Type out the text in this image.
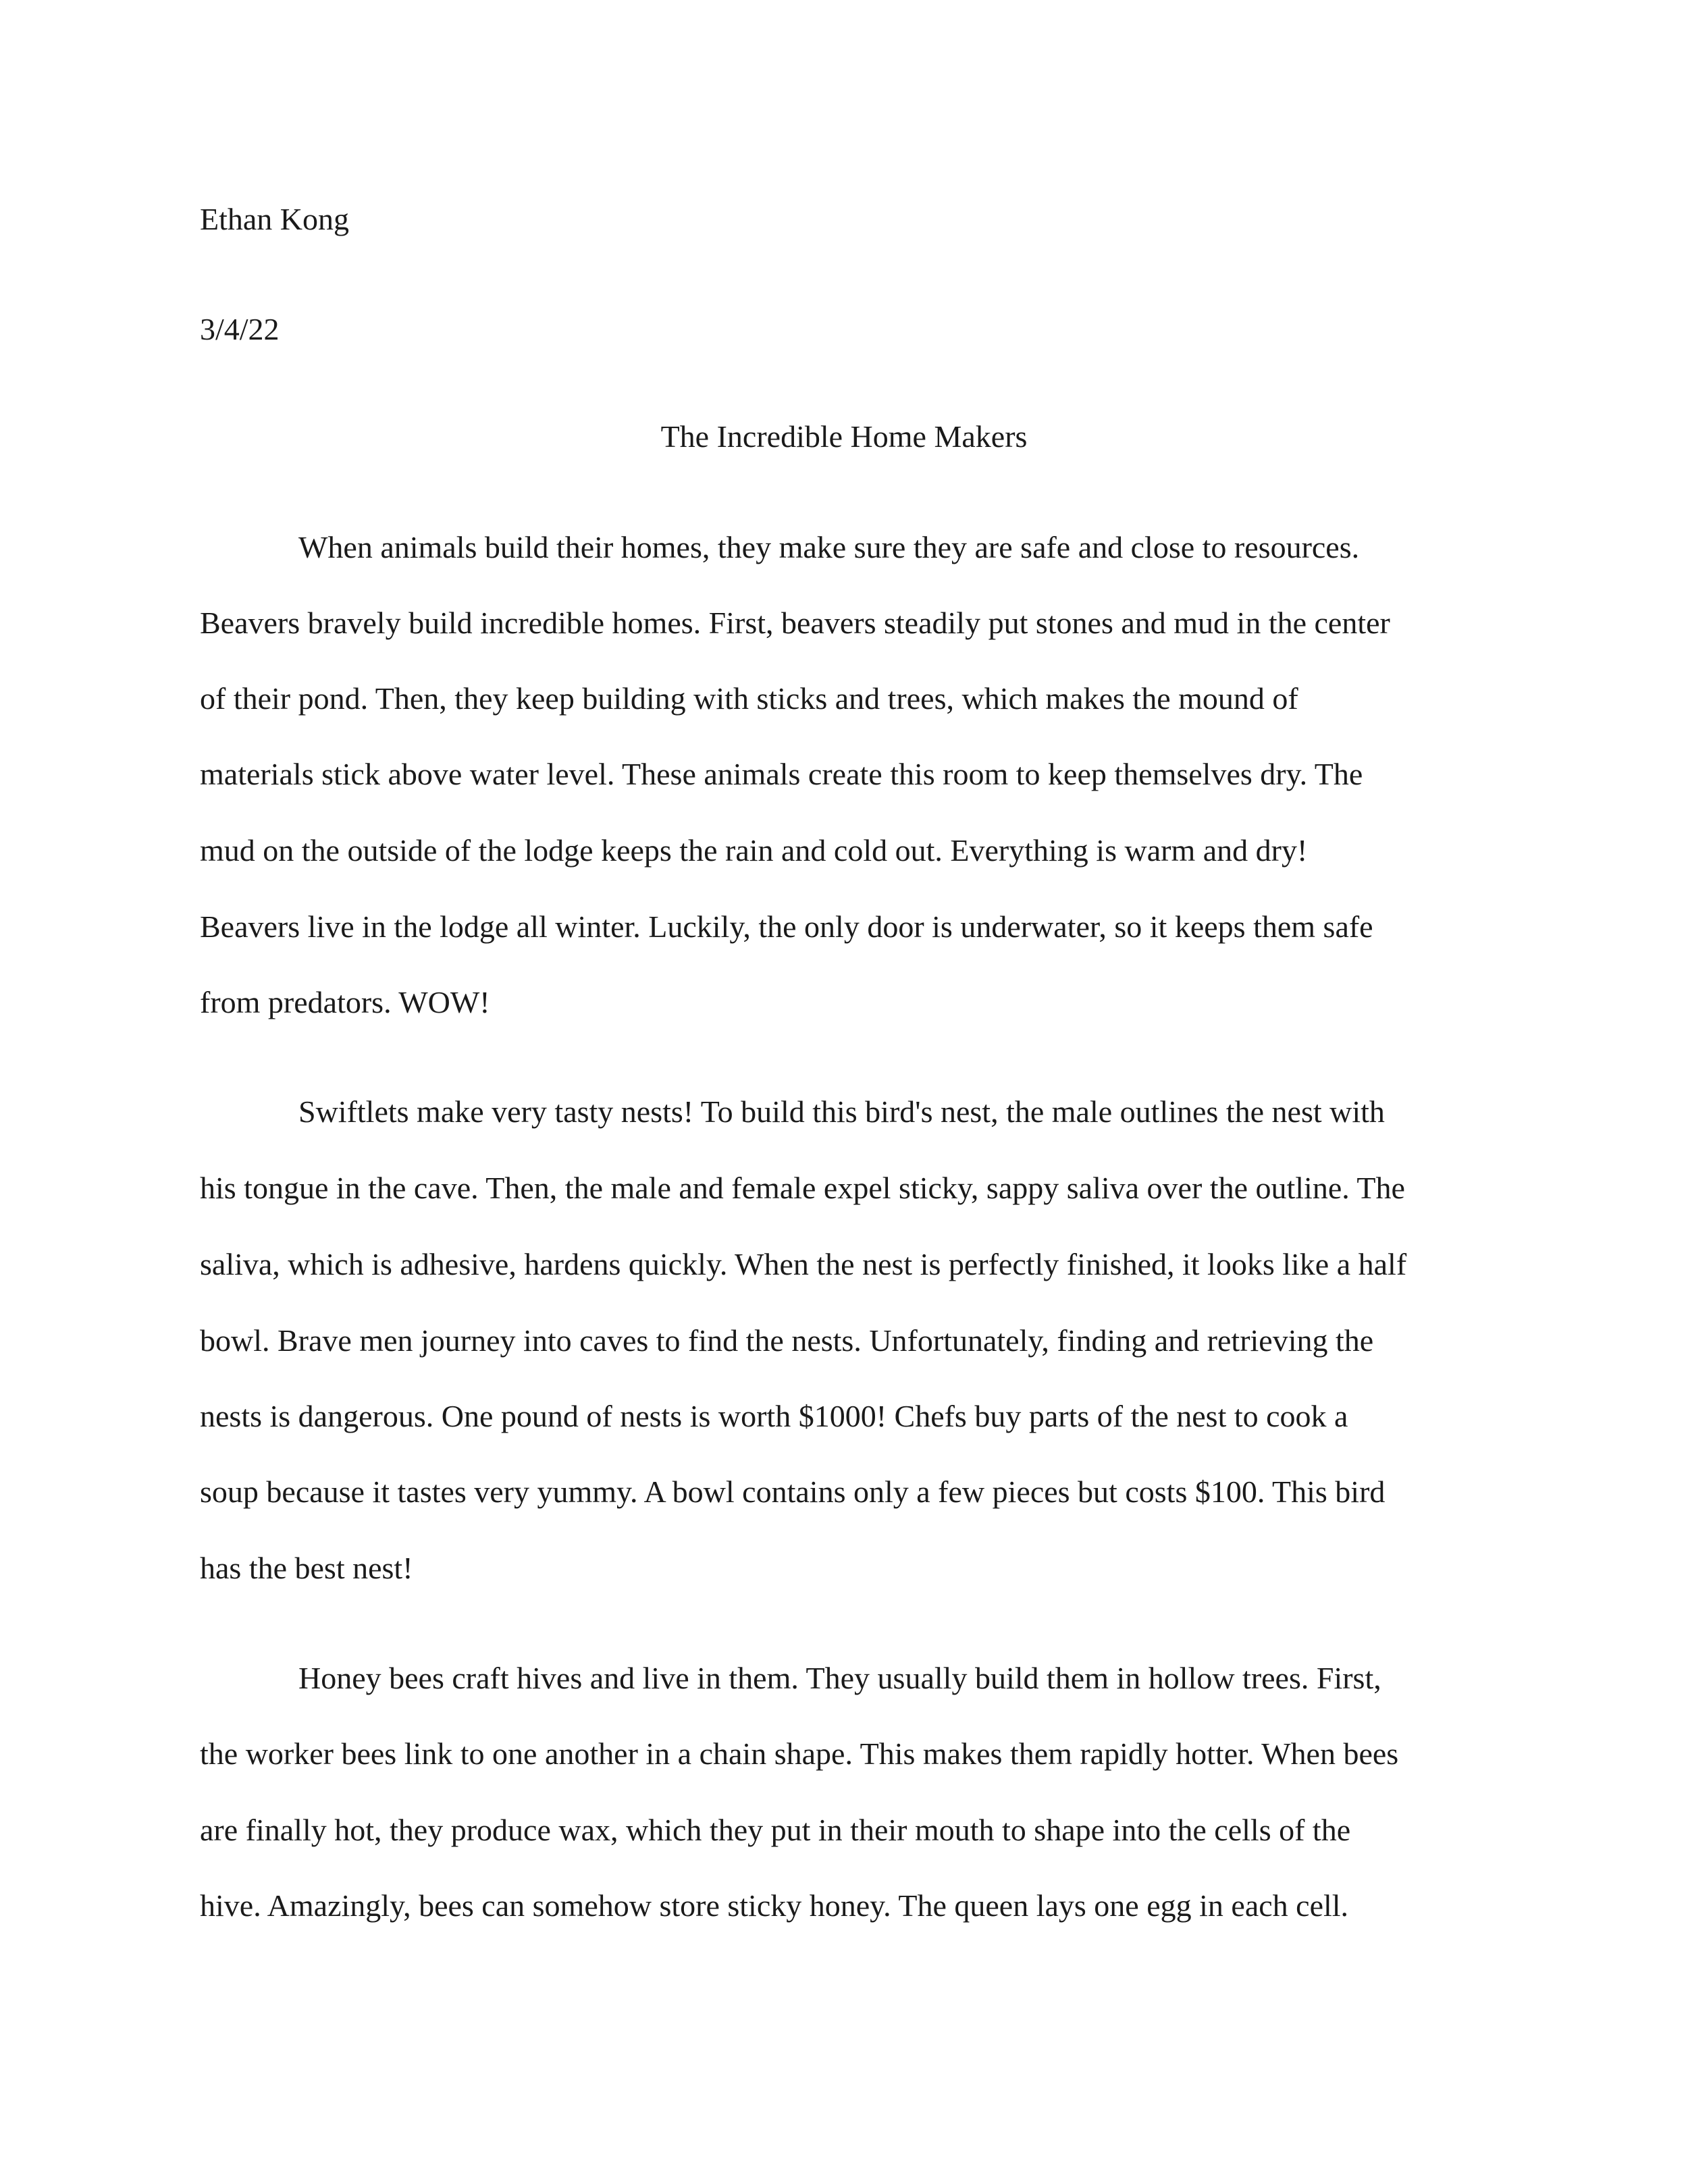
Ethan Kong
3/4/22
The Incredible Home Makers
When animals build their homes, they make sure they are safe and close to resources.
Beavers bravely build incredible homes. First, beavers steadily put stones and mud in the center
of their pond. Then, they keep building with sticks and trees, which makes the mound of
materials stick above water level. These animals create this room to keep themselves dry. The
mud on the outside of the lodge keeps the rain and cold out. Everything is warm and dry!
Beavers live in the lodge all winter. Luckily, the only door is underwater, so it keeps them safe
from predators. WOW!
Swiftlets make very tasty nests! To build this bird's nest, the male outlines the nest with
his tongue in the cave. Then, the male and female expel sticky, sappy saliva over the outline. The
saliva, which is adhesive, hardens quickly. When the nest is perfectly finished, it looks like a half
bowl. Brave men journey into caves to find the nests. Unfortunately, finding and retrieving the
nests is dangerous. One pound of nests is worth $1000! Chefs buy parts of the nest to cook a
soup because it tastes very yummy. A bowl contains only a few pieces but costs $100. This bird
has the best nest!
Honey bees craft hives and live in them. They usually build them in hollow trees. First,
the worker bees link to one another in a chain shape. This makes them rapidly hotter. When bees
are finally hot, they produce wax, which they put in their mouth to shape into the cells of the
hive. Amazingly, bees can somehow store sticky honey. The queen lays one egg in each cell.
